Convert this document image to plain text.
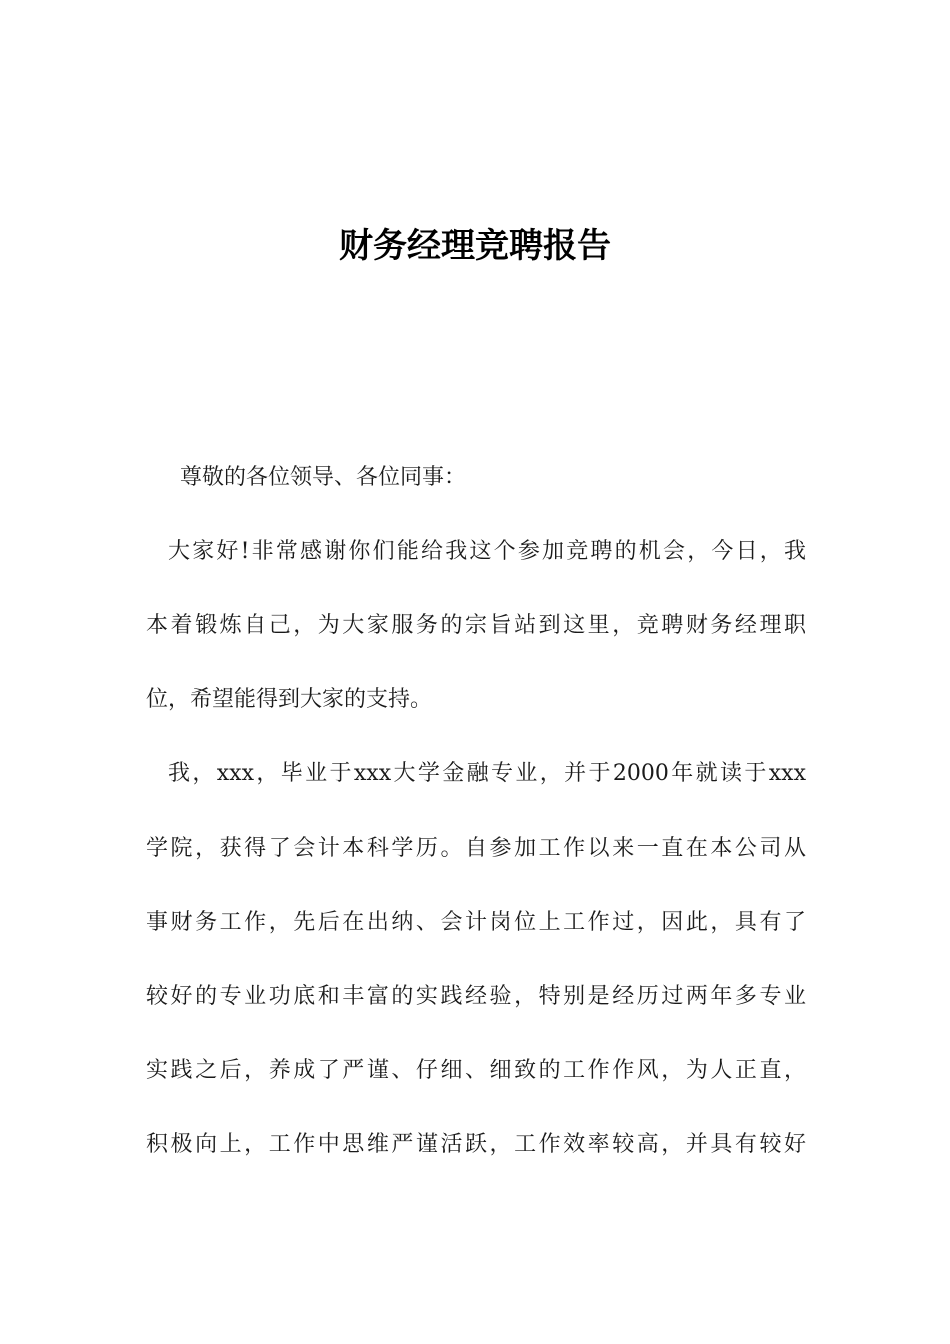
财务经理竞聘报告

尊敬的各位领导、各位同事：

大家好!非常感谢你们能给我这个参加竞聘的机会，今日，我

本着锻炼自己，为大家服务的宗旨站到这里，竞聘财务经理职

位，希望能得到大家的支持。

我，xxx，毕业于xxx大学金融专业，并于2000年就读于xxx

学院，获得了会计本科学历。自参加工作以来一直在本公司从

事财务工作，先后在出纳、会计岗位上工作过，因此，具有了

较好的专业功底和丰富的实践经验，特别是经历过两年多专业

实践之后，养成了严谨、仔细、细致的工作作风，为人正直，

积极向上，工作中思维严谨活跃，工作效率较高，并具有较好
